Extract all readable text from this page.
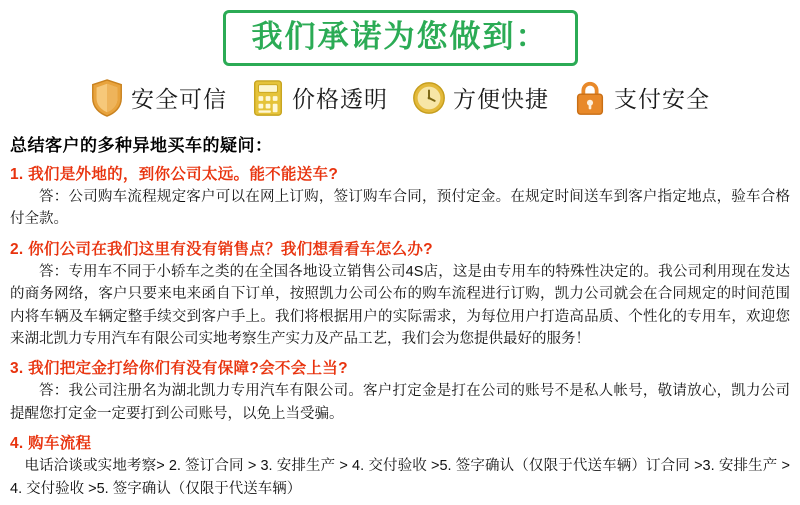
我们承诺为您做到：
安全可信	价格透明	方便快捷	支付安全
总结客户的多种异地买车的疑问：
1. 我们是外地的，到你公司太远。能不能送车?
答：公司购车流程规定客户可以在网上订购，签订购车合同，预付定金。在规定时间送车到客户指定地点，验车合格付全款。
2. 你们公司在我们这里有没有销售点？我们想看看车怎么办?
答：专用车不同于小轿车之类的在全国各地设立销售公司4S店，这是由专用车的特殊性决定的。我公司利用现在发达的商务网络，客户只要来电来函自下订单，按照凯力公司公布的购车流程进行订购，凯力公司就会在合同规定的时间范围内将车辆及车辆定整手续交到客户手上。我们将根据用户的实际需求，为每位用户打造高品质、个性化的专用车，欢迎您来湖北凯力专用汽车有限公司实地考察生产实力及产品工艺，我们会为您提供最好的服务！
3. 我们把定金打给你们有没有保障?会不会上当?
答：我公司注册名为湖北凯力专用汽车有限公司。客户打定金是打在公司的账号不是私人帐号，敬请放心，凯力公司提醒您打定金一定要打到公司账号，以免上当受骗。
4. 购车流程
电话洽谈或实地考察> 2. 签订合同 > 3. 安排生产 > 4. 交付验收 >5. 签字确认（仅限于代送车辆）订合同 >3. 安排生产 > 4. 交付验收 >5. 签字确认（仅限于代送车辆）
